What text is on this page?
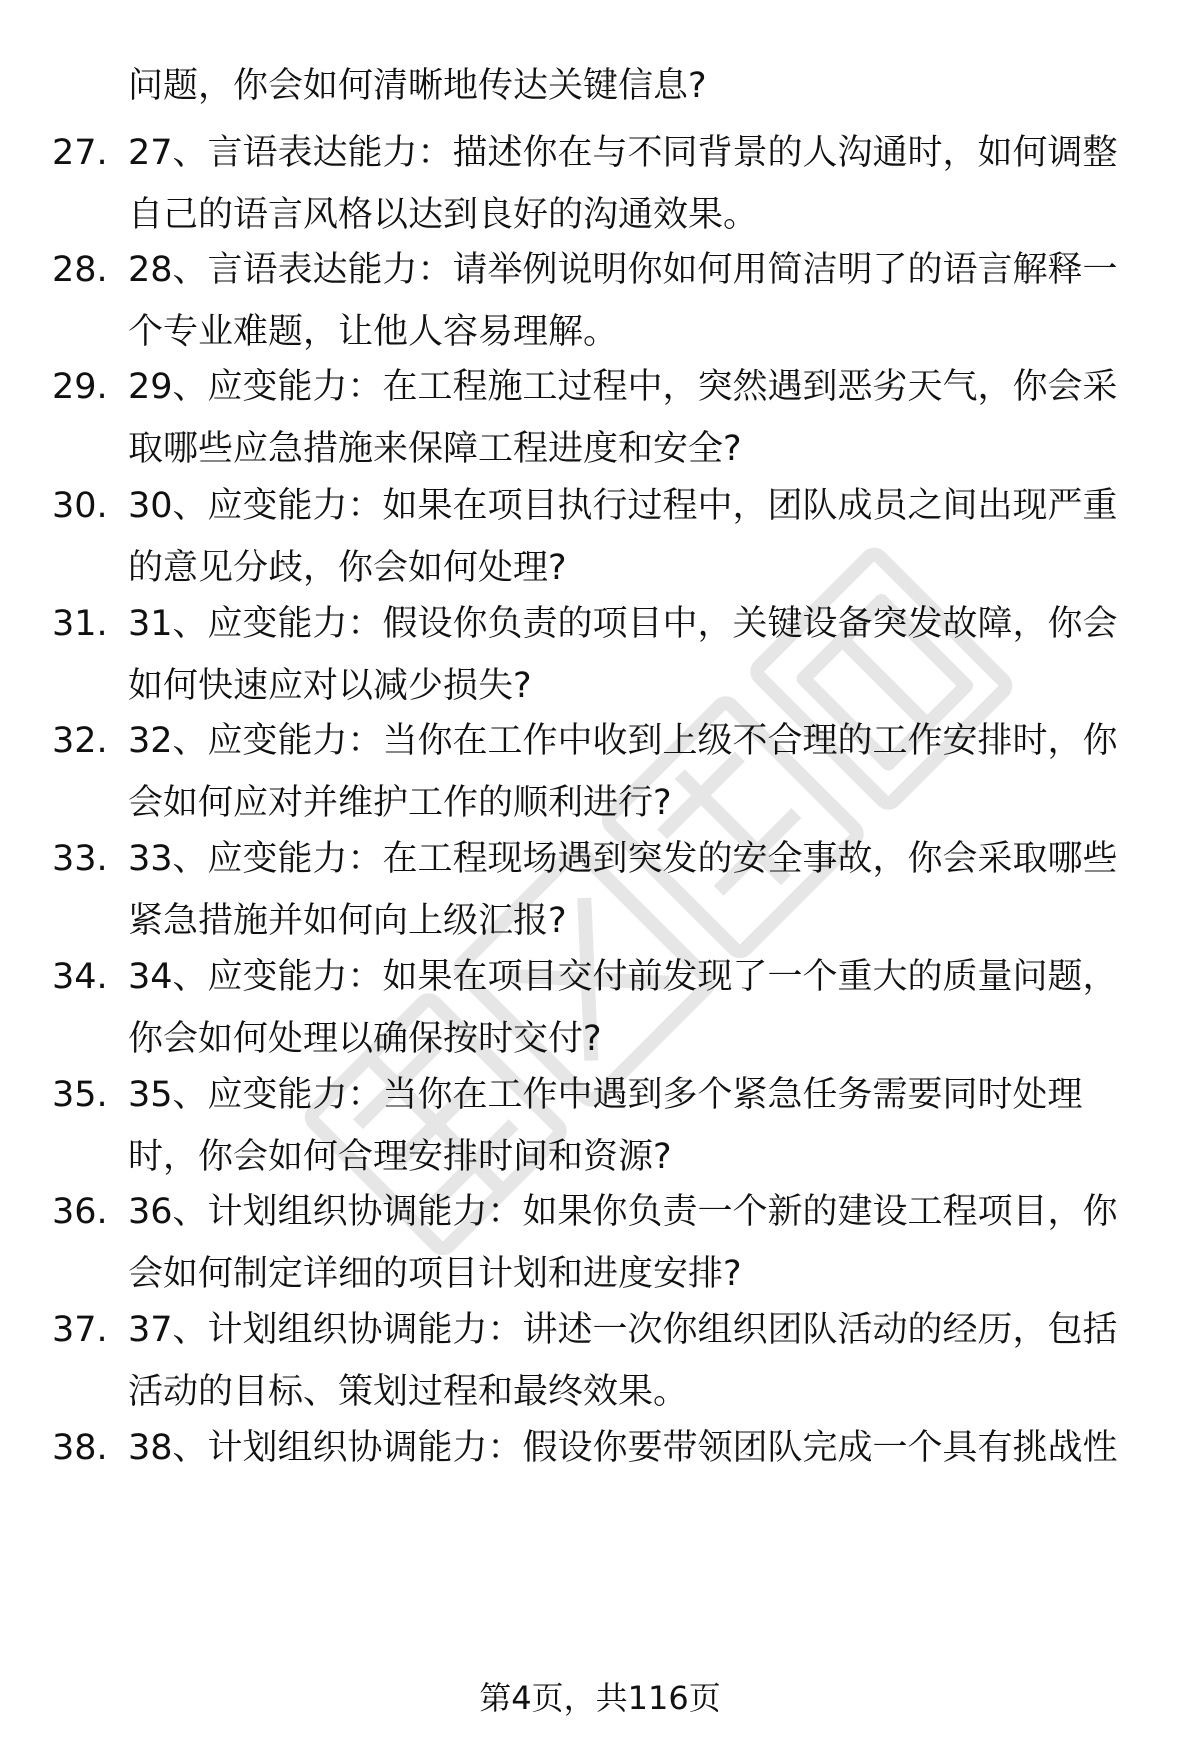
问题，你会如何清晰地传达关键信息?
27. 27、言语表达能力：描述你在与不同背景的人沟通时，如何调整
自己的语言风格以达到良好的沟通效果。
28. 28、言语表达能力：请举例说明你如何用简洁明了的语言解释一
个专业难题，让他人容易理解。
29. 29、应变能力：在工程施工过程中，突然遇到恶劣天气，你会采
取哪些应急措施来保障工程进度和安全?
30. 30、应变能力：如果在项目执行过程中，团队成员之间出现严重
的意见分歧，你会如何处理?
31. 31、应变能力：假设你负责的项目中，关键设备突发故障，你会
如何快速应对以减少损失?
32. 32、应变能力：当你在工作中收到上级不合理的工作安排时，你
会如何应对并维护工作的顺利进行?
33. 33、应变能力：在工程现场遇到突发的安全事故，你会采取哪些
紧急措施并如何向上级汇报?
34. 34、应变能力：如果在项目交付前发现了一个重大的质量问题，
你会如何处理以确保按时交付?
35. 35、应变能力：当你在工作中遇到多个紧急任务需要同时处理
时，你会如何合理安排时间和资源?
36. 36、计划组织协调能力：如果你负责一个新的建设工程项目，你
会如何制定详细的项目计划和进度安排?
37. 37、计划组织协调能力：讲述一次你组织团队活动的经历，包括
活动的目标、策划过程和最终效果。
38. 38、计划组织协调能力：假设你要带领团队完成一个具有挑战性
第4页，共116页
